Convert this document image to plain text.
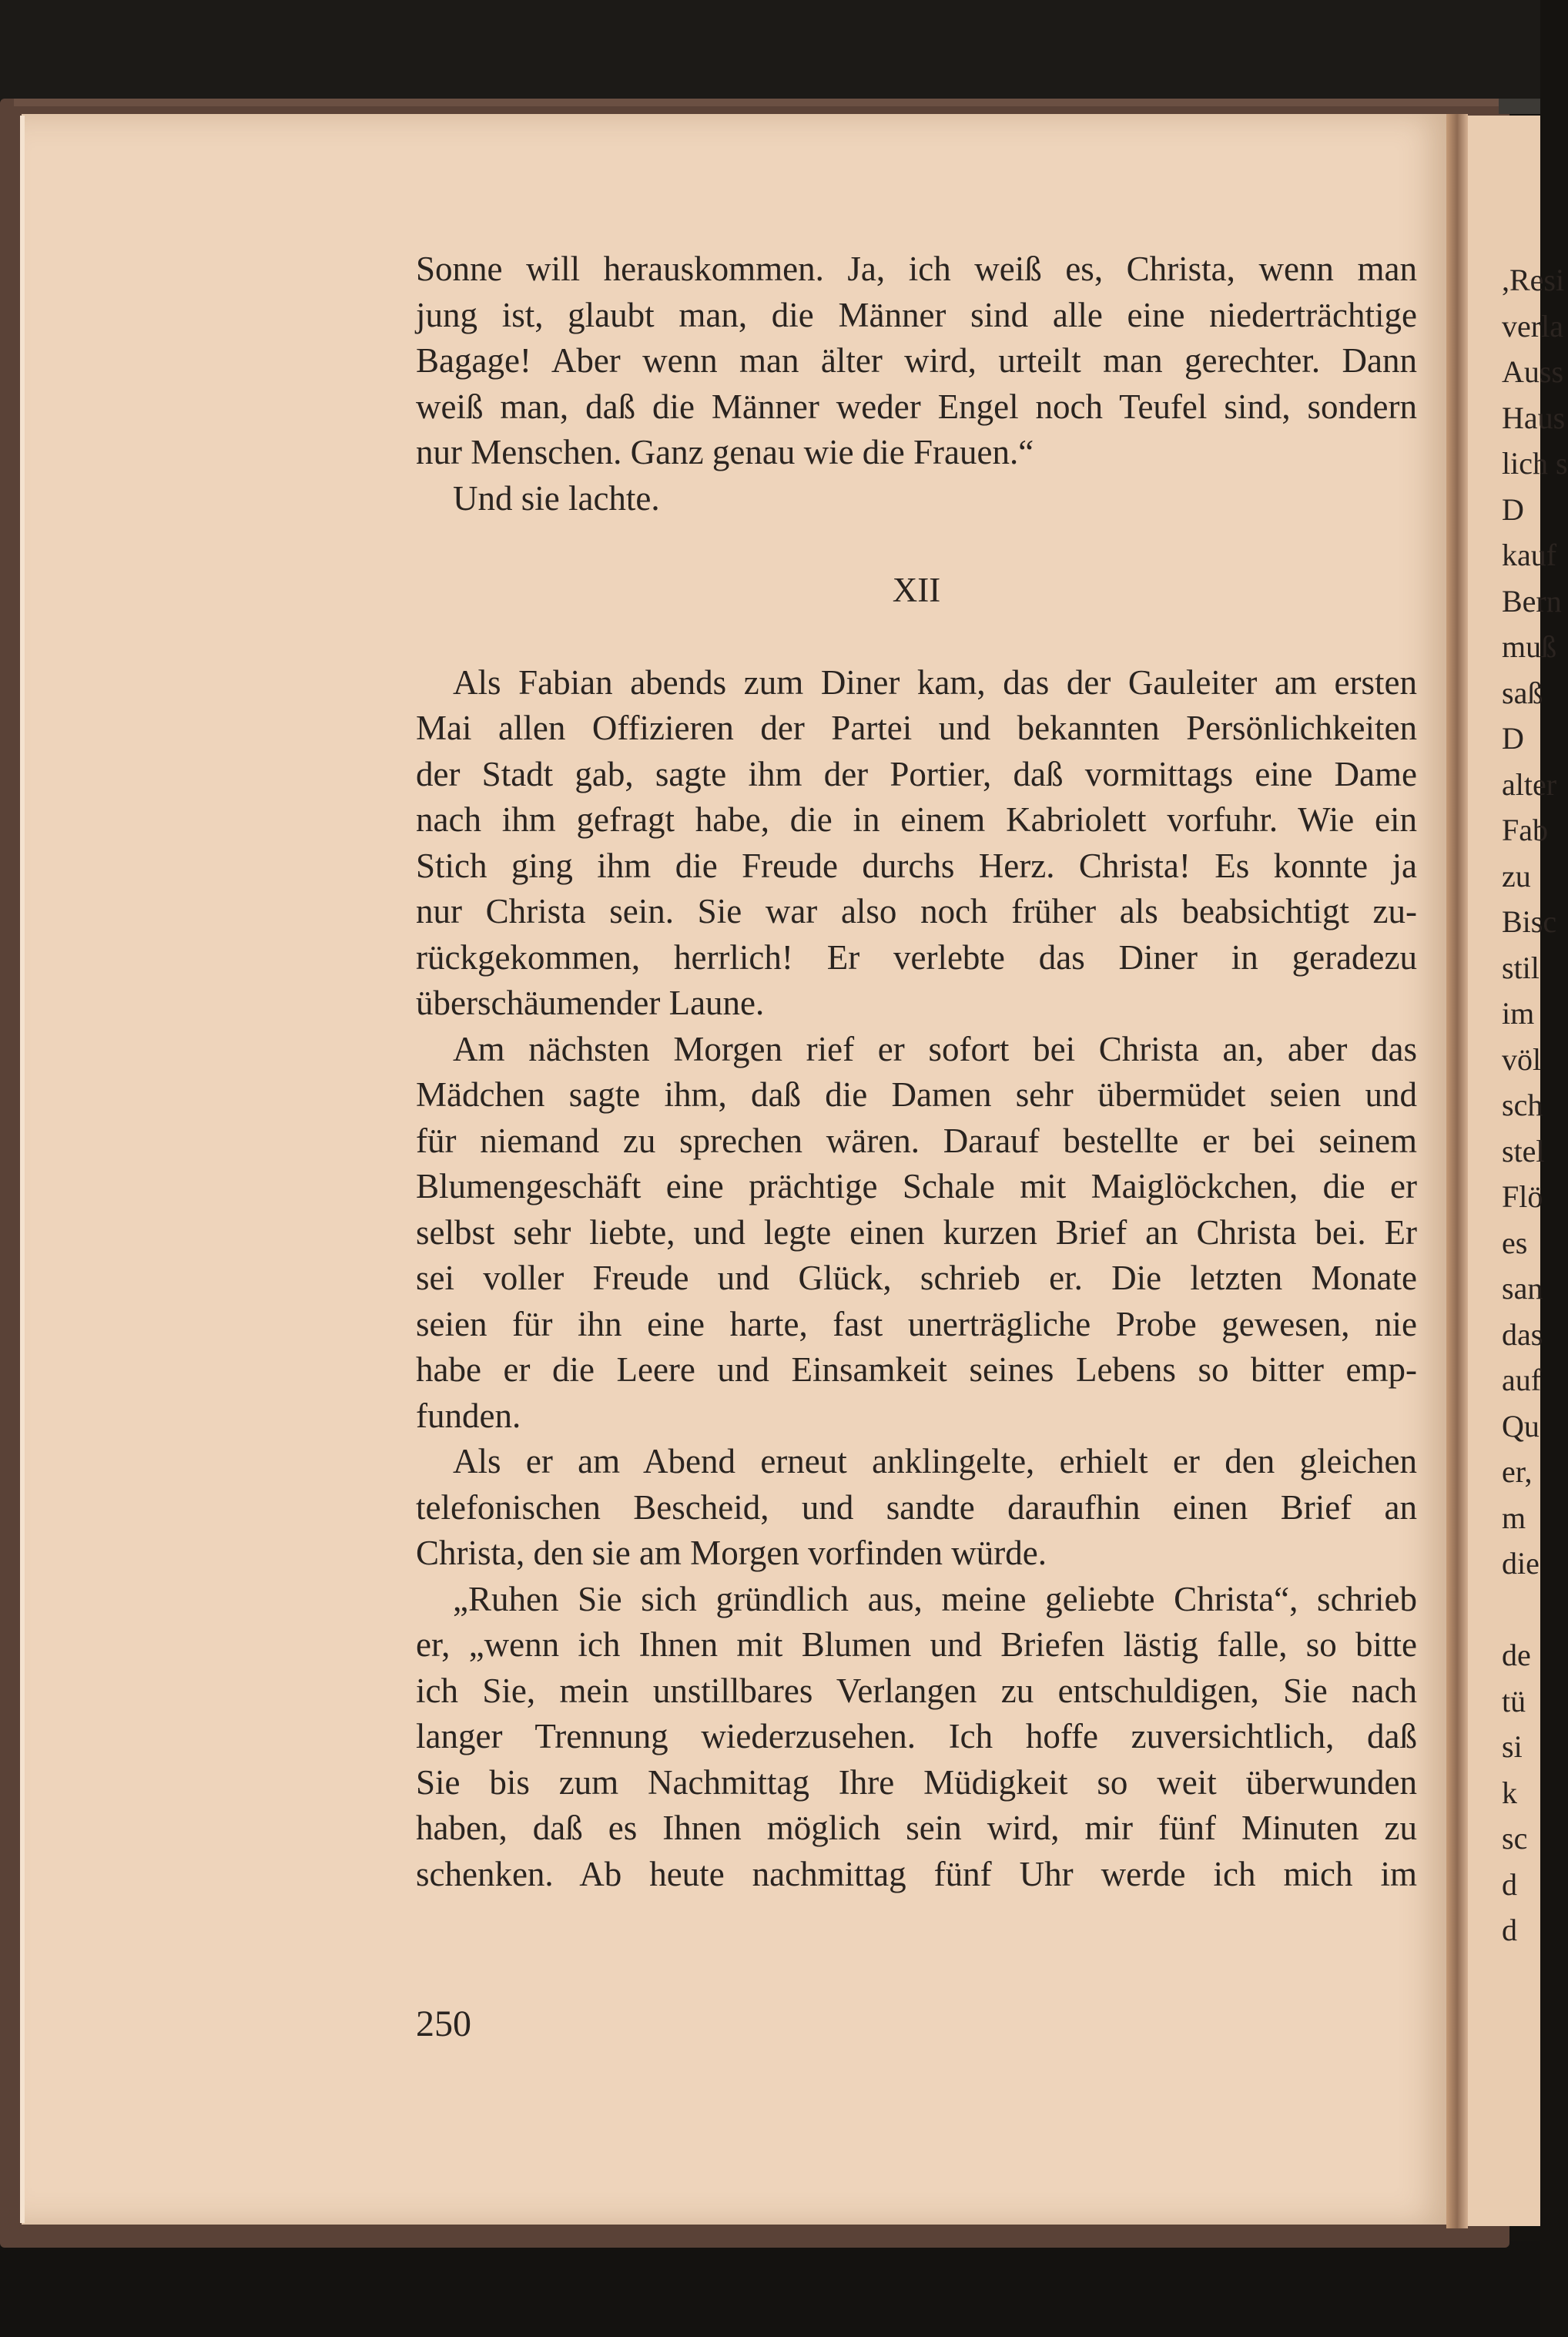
Sonne will herauskommen. Ja, ich weiß es, Christa, wenn man
jung ist, glaubt man, die Männer sind alle eine niederträchtige
Bagage! Aber wenn man älter wird, urteilt man gerechter. Dann
weiß man, daß die Männer weder Engel noch Teufel sind, sondern
nur Menschen. Ganz genau wie die Frauen.“
Und sie lachte.
XII
Als Fabian abends zum Diner kam, das der Gauleiter am ersten
Mai allen Offizieren der Partei und bekannten Persönlichkeiten
der Stadt gab, sagte ihm der Portier, daß vormittags eine Dame
nach ihm gefragt habe, die in einem Kabriolett vorfuhr. Wie ein
Stich ging ihm die Freude durchs Herz. Christa! Es konnte ja
nur Christa sein. Sie war also noch früher als beabsichtigt zu-
rückgekommen, herrlich! Er verlebte das Diner in geradezu
überschäumender Laune.
Am nächsten Morgen rief er sofort bei Christa an, aber das
Mädchen sagte ihm, daß die Damen sehr übermüdet seien und
für niemand zu sprechen wären. Darauf bestellte er bei seinem
Blumengeschäft eine prächtige Schale mit Maiglöckchen, die er
selbst sehr liebte, und legte einen kurzen Brief an Christa bei. Er
sei voller Freude und Glück, schrieb er. Die letzten Monate
seien für ihn eine harte, fast unerträgliche Probe gewesen, nie
habe er die Leere und Einsamkeit seines Lebens so bitter emp-
funden.
Als er am Abend erneut anklingelte, erhielt er den gleichen
telefonischen Bescheid, und sandte daraufhin einen Brief an
Christa, den sie am Morgen vorfinden würde.
„Ruhen Sie sich gründlich aus, meine geliebte Christa“, schrieb
er, „wenn ich Ihnen mit Blumen und Briefen lästig falle, so bitte
ich Sie, mein unstillbares Verlangen zu entschuldigen, Sie nach
langer Trennung wiederzusehen. Ich hoffe zuversichtlich, daß
Sie bis zum Nachmittag Ihre Müdigkeit so weit überwunden
haben, daß es Ihnen möglich sein wird, mir fünf Minuten zu
schenken. Ab heute nachmittag fünf Uhr werde ich mich im
250
,Resi
verla
Auss
Haus
lich s
D
kauf
Bern
muß
saß
D
alter
Fab
zu
Bisc
stil
im
völ
sch
stel
Flö
es
san
das
auf
Qu
er,
m
die
de
tü
si
k
sc
d
d
